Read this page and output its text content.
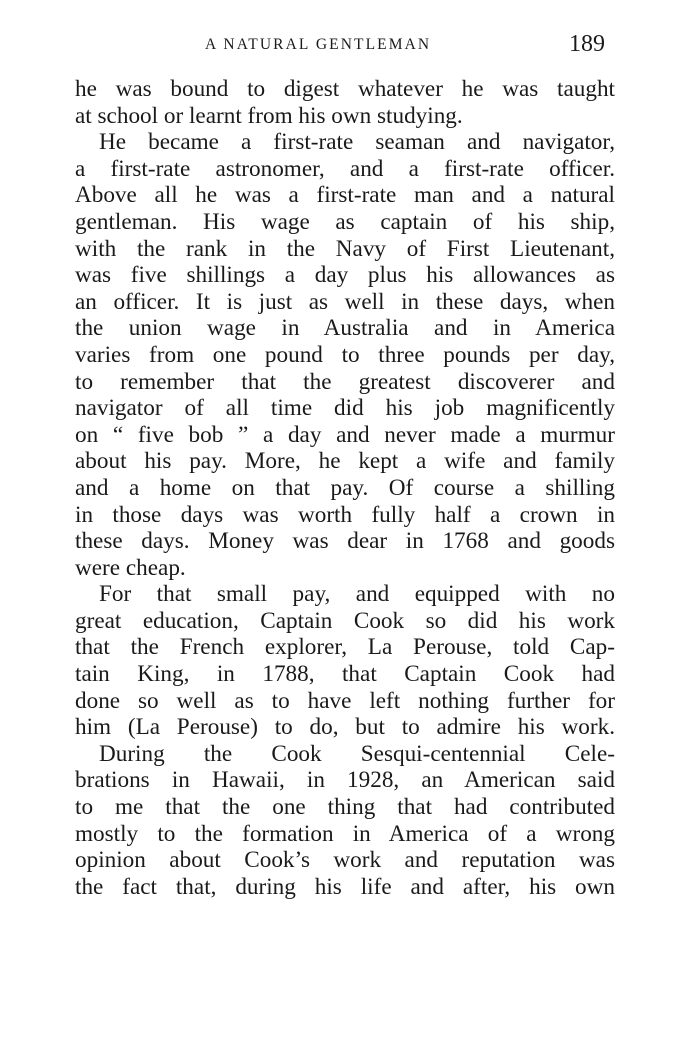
A NATURAL GENTLEMAN	189
he was bound to digest whatever he was taught
at school or learnt from his own studying.
He became a first-rate seaman and navigator,
a first-rate astronomer, and a first-rate officer.
Above all he was a first-rate man and a natural
gentleman. His wage as captain of his ship,
with the rank in the Navy of First Lieutenant,
was five shillings a day plus his allowances as
an officer. It is just as well in these days, when
the union wage in Australia and in America
varies from one pound to three pounds per day,
to remember that the greatest discoverer and
navigator of all time did his job magnificently
on “ five bob ” a day and never made a murmur
about his pay. More, he kept a wife and family
and a home on that pay. Of course a shilling
in those days was worth fully half a crown in
these days. Money was dear in 1768 and goods
were cheap.
For that small pay, and equipped with no
great education, Captain Cook so did his work
that the French explorer, La Perouse, told Cap-
tain King, in 1788, that Captain Cook had
done so well as to have left nothing further for
him (La Perouse) to do, but to admire his work.
During the Cook Sesqui-centennial Cele-
brations in Hawaii, in 1928, an American said
to me that the one thing that had contributed
mostly to the formation in America of a wrong
opinion about Cook’s work and reputation was
the fact that, during his life and after, his own
